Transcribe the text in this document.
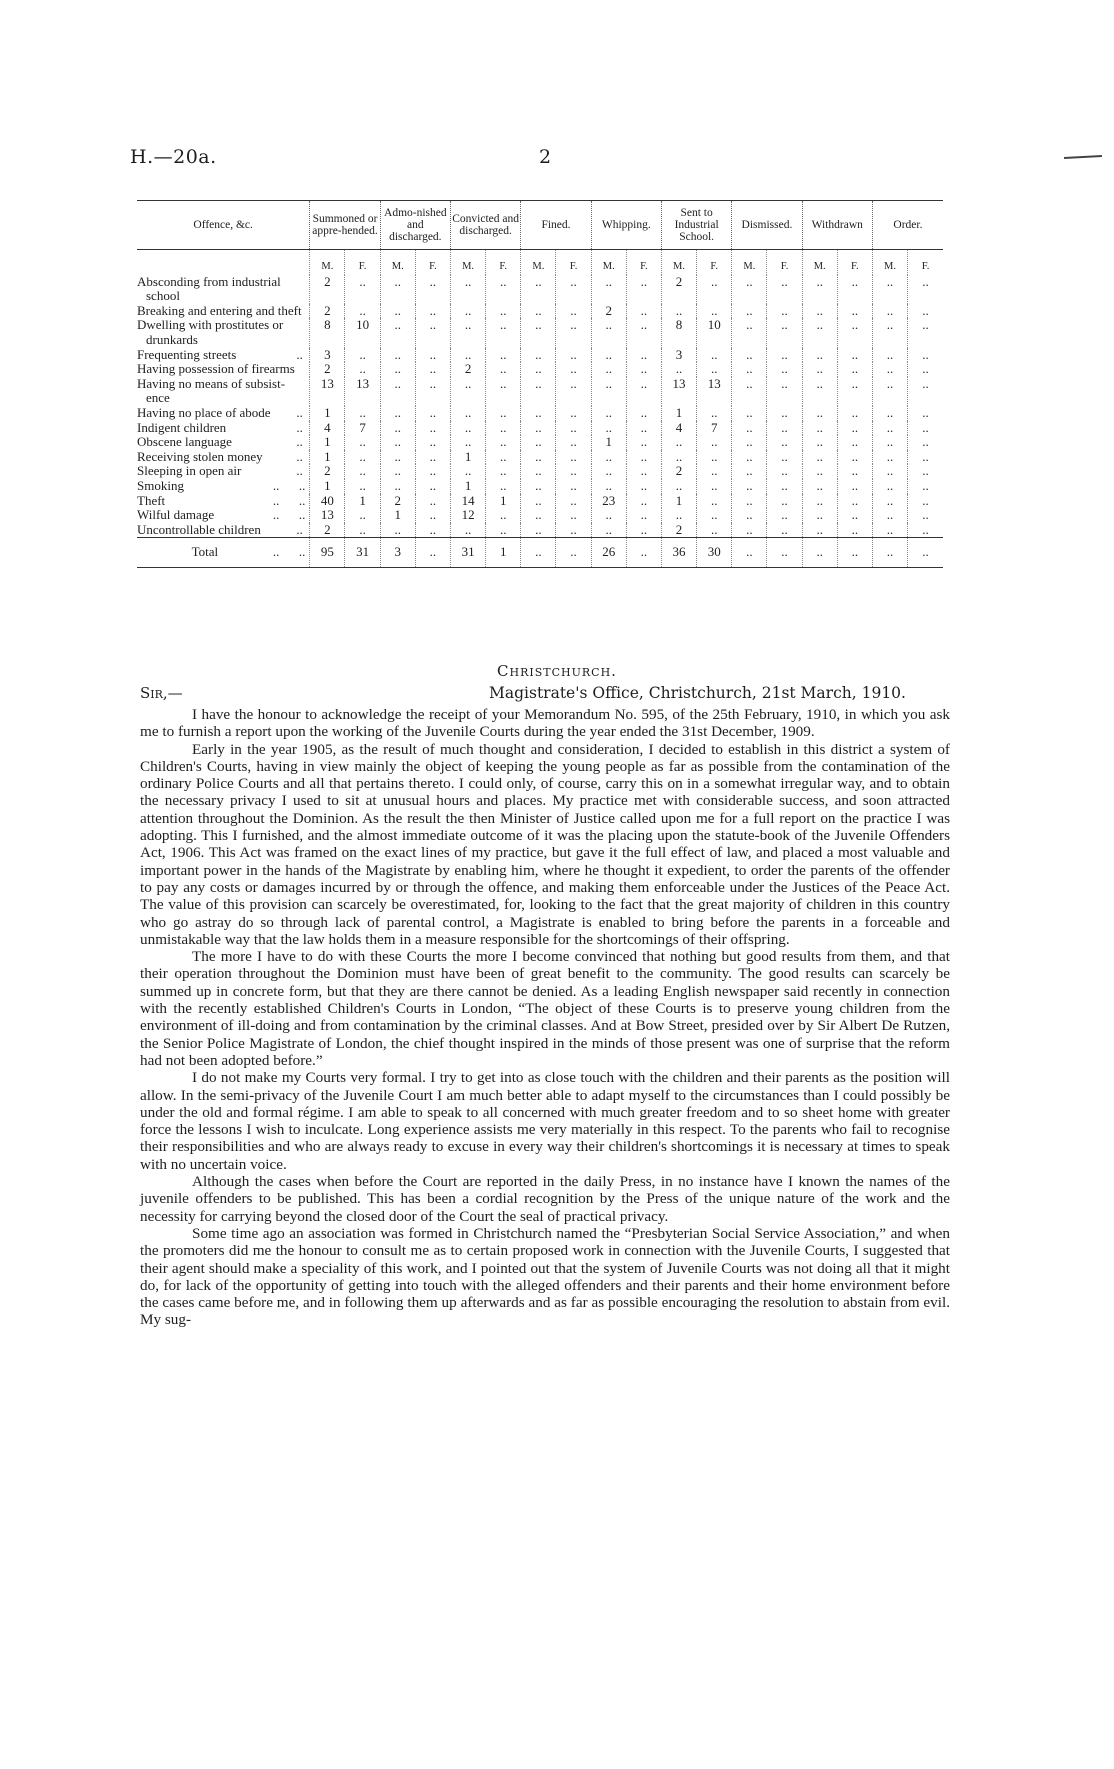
H.—20a.	2
Offence, &c.	Summoned or appre-hended.		Admo-nished and discharged.		Convicted and discharged.		Fined.		Whipping.		Sent to Industrial School.		Dismissed.		Withdrawn		Order.	
	M.	F.	M.	F.	M.	F.	M.	F.	M.	F.	M.	F.	M.	F.	M.	F.	M.	F.
Absconding from industrial school	2	..	..	..	..	..	..	..	..	..	2	..	..	..	..	..	..	..
Breaking and entering and theft	2	..	..	..	..	..	..	..	2	..	..	..	..	..	..	..	..	..
Dwelling with prostitutes or drunkards	8	10	..	..	..	..	..	..	..	..	8	10	..	..	..	..	..	..
Frequenting streets ..	3	..	..	..	..	..	..	..	..	..	3	..	..	..	..	..	..	..
Having possession of firearms	2	..	..	..	2	..	..	..	..	..	..	..	..	..	..	..	..	..
Having no means of subsist-ence	13	13	..	..	..	..	..	..	..	..	13	13	..	..	..	..	..	..
Having no place of abode ..	1	..	..	..	..	..	..	..	..	..	1	..	..	..	..	..	..	..
Indigent children ..	4	7	..	..	..	..	..	..	..	..	4	7	..	..	..	..	..	..
Obscene language ..	1	..	..	..	..	..	..	..	1	..	..	..	..	..	..	..	..	..
Receiving stolen money ..	1	..	..	..	1	..	..	..	..	..	..	..	..	..	..	..	..	..
Sleeping in open air ..	2	..	..	..	..	..	..	..	..	..	2	..	..	..	..	..	..	..
Smoking ..      ..	1	..	..	..	1	..	..	..	..	..	..	..	..	..	..	..	..	..
Theft ..      ..	40	1	2	..	14	1	..	..	23	..	1	..	..	..	..	..	..	..
Wilful damage ..      ..	13	..	1	..	12	..	..	..	..	..	..	..	..	..	..	..	..	..
Uncontrollable children ..	2	..	..	..	..	..	..	..	..	..	2	..	..	..	..	..	..	..
Total ..      ..	95	31	3	..	31	1	..	..	26	..	36	30	..	..	..	..	..	..
Christchurch.
Sir,—	Magistrate's Office, Christchurch, 21st March, 1910.

I have the honour to acknowledge the receipt of your Memorandum No. 595, of the 25th February, 1910, in which you ask me to furnish a report upon the working of the Juvenile Courts during the year ended the 31st December, 1909.

Early in the year 1905, as the result of much thought and consideration, I decided to establish in this district a system of Children's Courts, having in view mainly the object of keeping the young people as far as possible from the contamination of the ordinary Police Courts and all that pertains thereto. I could only, of course, carry this on in a somewhat irregular way, and to obtain the necessary privacy I used to sit at unusual hours and places. My practice met with considerable success, and soon attracted attention throughout the Dominion. As the result the then Minister of Justice called upon me for a full report on the practice I was adopting. This I furnished, and the almost immediate outcome of it was the placing upon the statute-book of the Juvenile Offenders Act, 1906. This Act was framed on the exact lines of my practice, but gave it the full effect of law, and placed a most valuable and important power in the hands of the Magistrate by enabling him, where he thought it expedient, to order the parents of the offender to pay any costs or damages incurred by or through the offence, and making them enforceable under the Justices of the Peace Act. The value of this provision can scarcely be overestimated, for, looking to the fact that the great majority of children in this country who go astray do so through lack of parental control, a Magistrate is enabled to bring before the parents in a forceable and unmistakable way that the law holds them in a measure responsible for the shortcomings of their offspring.

The more I have to do with these Courts the more I become convinced that nothing but good results from them, and that their operation throughout the Dominion must have been of great benefit to the community. The good results can scarcely be summed up in concrete form, but that they are there cannot be denied. As a leading English newspaper said recently in connection with the recently established Children's Courts in London, “The object of these Courts is to preserve young children from the environment of ill-doing and from contamination by the criminal classes. And at Bow Street, presided over by Sir Albert De Rutzen, the Senior Police Magistrate of London, the chief thought inspired in the minds of those present was one of surprise that the reform had not been adopted before.”

I do not make my Courts very formal. I try to get into as close touch with the children and their parents as the position will allow. In the semi-privacy of the Juvenile Court I am much better able to adapt myself to the circumstances than I could possibly be under the old and formal régime. I am able to speak to all concerned with much greater freedom and to so sheet home with greater force the lessons I wish to inculcate. Long experience assists me very materially in this respect. To the parents who fail to recognise their responsibilities and who are always ready to excuse in every way their children's shortcomings it is necessary at times to speak with no uncertain voice.

Although the cases when before the Court are reported in the daily Press, in no instance have I known the names of the juvenile offenders to be published. This has been a cordial recognition by the Press of the unique nature of the work and the necessity for carrying beyond the closed door of the Court the seal of practical privacy.

Some time ago an association was formed in Christchurch named the “Presbyterian Social Service Association,” and when the promoters did me the honour to consult me as to certain proposed work in connection with the Juvenile Courts, I suggested that their agent should make a speciality of this work, and I pointed out that the system of Juvenile Courts was not doing all that it might do, for lack of the opportunity of getting into touch with the alleged offenders and their parents and their home environment before the cases came before me, and in following them up afterwards and as far as possible encouraging the resolution to abstain from evil. My sug-
